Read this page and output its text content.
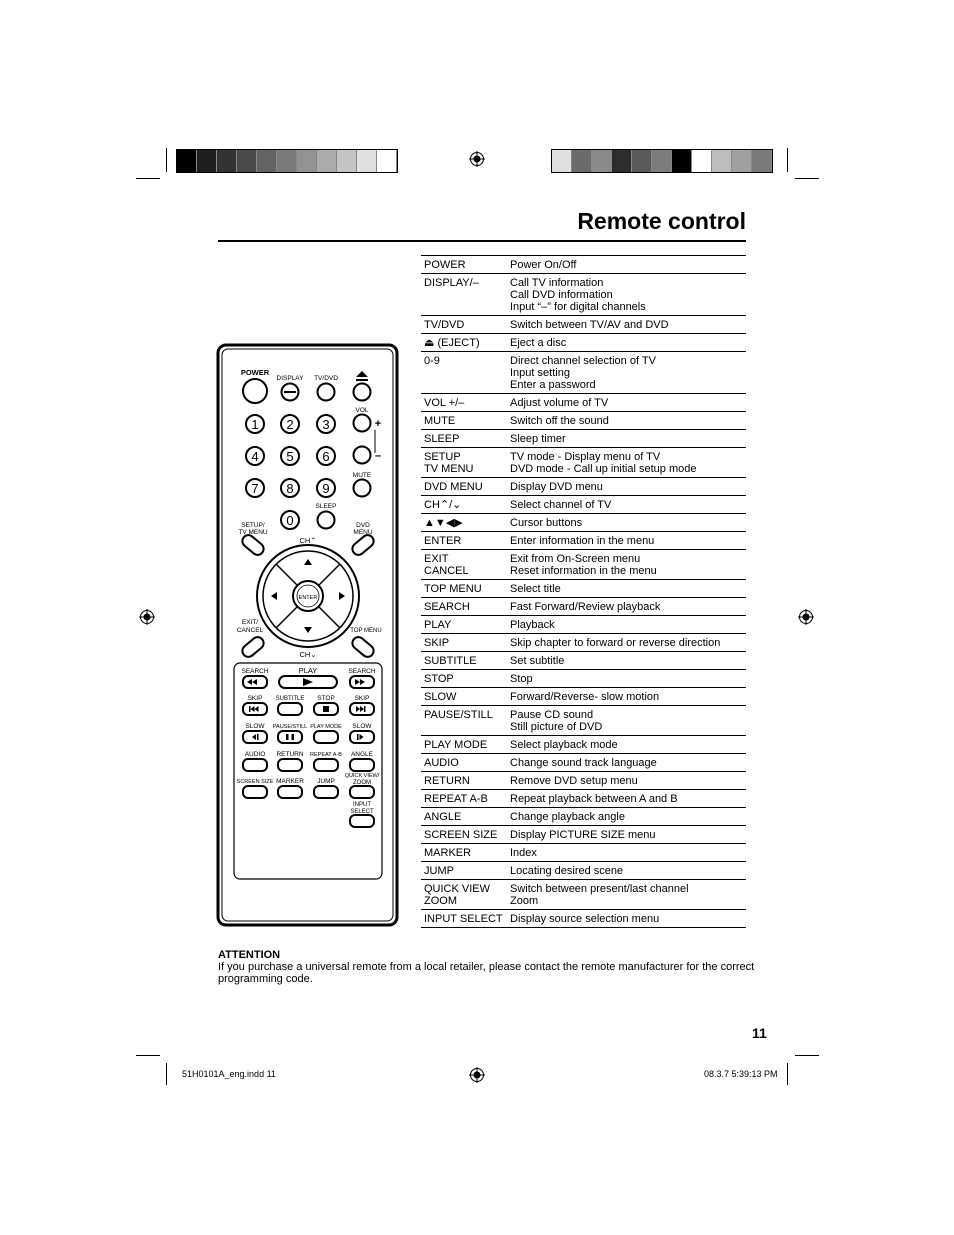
Remote control
POWER
DISPLAY TV/DVD
VOL
+
–
1 2 3
4 5 6
7 8 9
0
MUTE
SLEEP
SETUP/
TV MENU
DVD
MENU
CH⌃
ENTER
CH⌄
EXIT/
CANCEL	TOP MENU
SEARCH	PLAY	SEARCH
SKIP SUBTITLE STOP	SKIP
SLOW PAUSE/STILL PLAY MODE SLOW
AUDIO RETURN REPEAT A-B ANGLE
SCREEN SIZE MARKER JUMP
QUICK VIEW/
ZOOM
INPUT
SELECT
POWER	Power On/Off
DISPLAY/–	Call TV information
Call DVD information
Input “–” for digital channels
TV/DVD	Switch between TV/AV and DVD
⏏ (EJECT)	Eject a disc
0-9	Direct channel selection of TV
Input setting
Enter a password
VOL +/–	Adjust volume of TV
MUTE	Switch off the sound
SLEEP	Sleep timer
SETUP
TV MENU	TV mode - Display menu of TV
DVD mode - Call up initial setup mode
DVD MENU	Display DVD menu
CH⌃/⌄	Select channel of TV
▲▼◀▶	Cursor buttons
ENTER	Enter information in the menu
EXIT
CANCEL	Exit from On-Screen menu
Reset information in the menu
TOP MENU	Select title
SEARCH	Fast Forward/Review playback
PLAY	Playback
SKIP	Skip chapter to forward or reverse direction
SUBTITLE	Set subtitle
STOP	Stop
SLOW	Forward/Reverse- slow motion
PAUSE/STILL	Pause CD sound
Still picture of DVD
PLAY MODE	Select playback mode
AUDIO	Change sound track language
RETURN	Remove DVD setup menu
REPEAT A-B	Repeat playback between A and B
ANGLE	Change playback angle
SCREEN SIZE	Display PICTURE SIZE menu
MARKER	Index
JUMP	Locating desired scene
QUICK VIEW
ZOOM	Switch between present/last channel
Zoom
INPUT SELECT	Display source selection menu
ATTENTION
If you purchase a universal remote from a local retailer, please contact the remote manufacturer for the correct programming code.
11
51H0101A_eng.indd 11	08.3.7 5:39:13 PM
